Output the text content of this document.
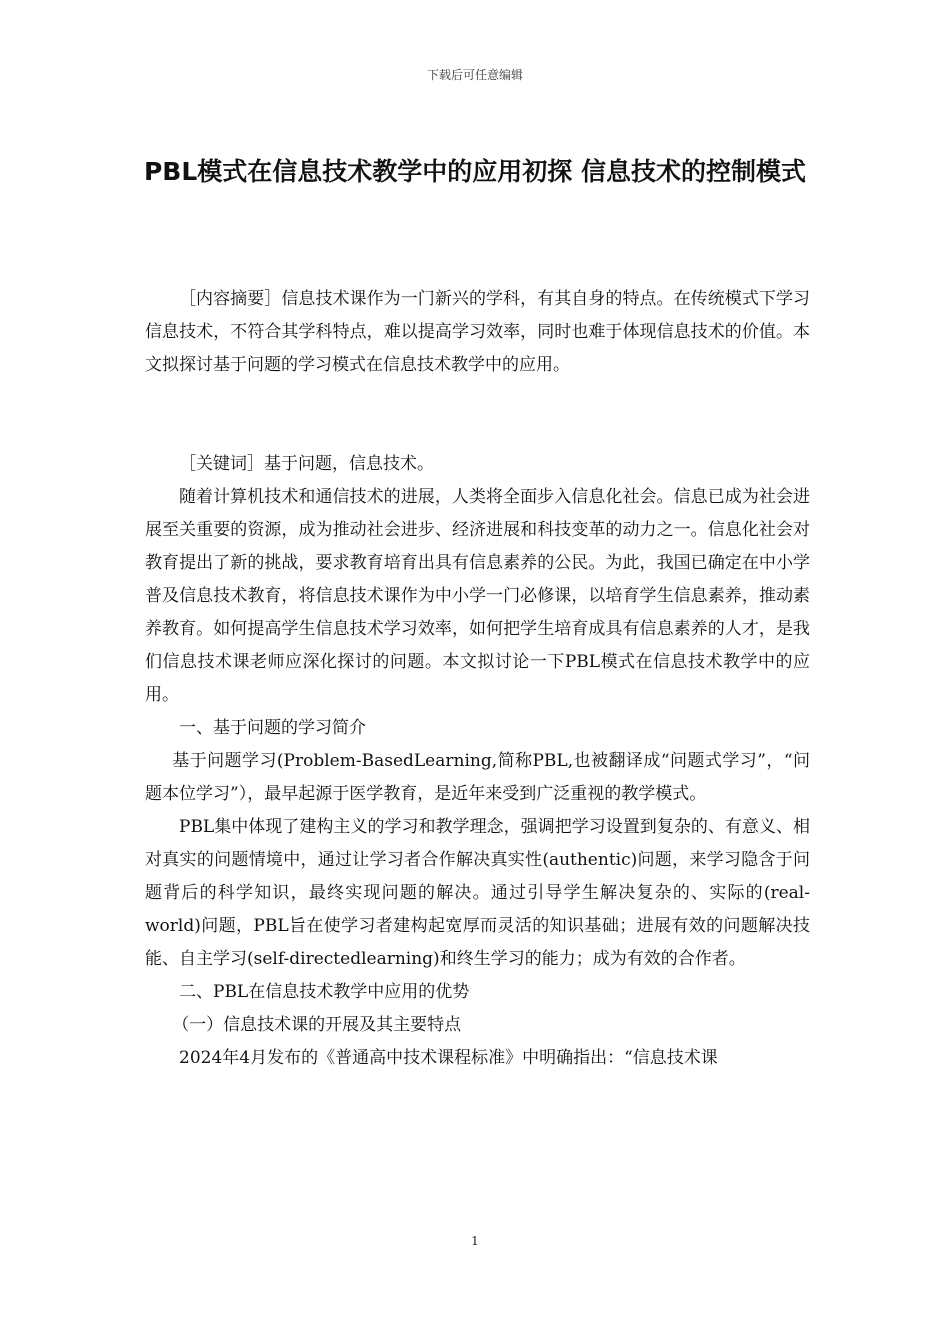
下载后可任意编辑
PBL模式在信息技术教学中的应用初探 信息技术的控制模式

［内容摘要］信息技术课作为一门新兴的学科，有其自身的特点。在传统模式下学习信息技术，不符合其学科特点，难以提高学习效率，同时也难于体现信息技术的价值。本文拟探讨基于问题的学习模式在信息技术教学中的应用。

［关键词］基于问题，信息技术。

随着计算机技术和通信技术的进展，人类将全面步入信息化社会。信息已成为社会进展至关重要的资源，成为推动社会进步、经济进展和科技变革的动力之一。信息化社会对教育提出了新的挑战，要求教育培育出具有信息素养的公民。为此，我国已确定在中小学普及信息技术教育，将信息技术课作为中小学一门必修课，以培育学生信息素养，推动素养教育。如何提高学生信息技术学习效率，如何把学生培育成具有信息素养的人才，是我们信息技术课老师应深化探讨的问题。本文拟讨论一下PBL模式在信息技术教学中的应用。

一、基于问题的学习简介

基于问题学习(Problem-BasedLearning,简称PBL,也被翻译成“问题式学习”，“问题本位学习”），最早起源于医学教育，是近年来受到广泛重视的教学模式。

PBL集中体现了建构主义的学习和教学理念，强调把学习设置到复杂的、有意义、相对真实的问题情境中，通过让学习者合作解决真实性(authentic)问题，来学习隐含于问题背后的科学知识，最终实现问题的解决。通过引导学生解决复杂的、实际的(real-world)问题，PBL旨在使学习者建构起宽厚而灵活的知识基础；进展有效的问题解决技能、自主学习(self-directedlearning)和终生学习的能力；成为有效的合作者。

二、PBL在信息技术教学中应用的优势

（一）信息技术课的开展及其主要特点

2024年4月发布的《普通高中技术课程标准》中明确指出：“信息技术课

1
